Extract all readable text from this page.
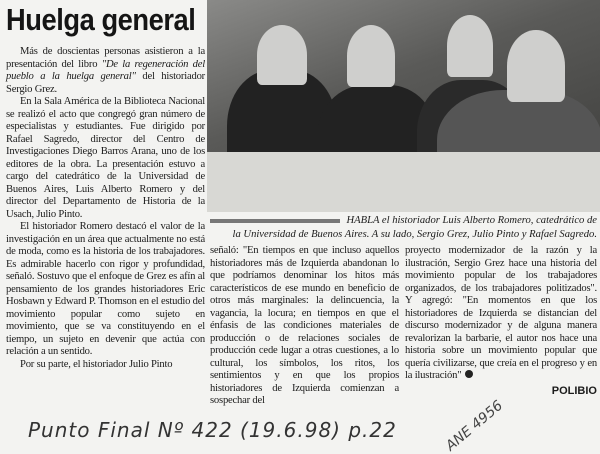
Huelga general
HABLA el historiador Luis Alberto Romero, catedrático de la Universidad de Buenos Aires. A su lado, Sergio Grez, Julio Pinto y Rafael Sagredo.

Más de doscientas personas asistieron a la presentación del libro "De la regeneración del pueblo a la huelga general" del historiador Sergio Grez.

En la Sala América de la Biblioteca Nacional se realizó el acto que congregó gran número de especialistas y estudiantes. Fue dirigido por Rafael Sagredo, director del Centro de Investigaciones Diego Barros Arana, uno de los editores de la obra. La presentación estuvo a cargo del catedrático de la Universidad de Buenos Aires, Luis Alberto Romero y del director del Departamento de Historia de la Usach, Julio Pinto.

El historiador Romero destacó el valor de la investigación en un área que actualmente no está de moda, como es la historia de los trabajadores. Es admirable hacerlo con rigor y profundidad, señaló. Sostuvo que el enfoque de Grez es afín al pensamiento de los grandes historiadores Eric Hosbawn y Edward P. Thomson en el estudio del movimiento popular como sujeto en movimiento, que se va constituyendo en el tiempo, un sujeto en devenir que actúa con relación a un sentido.

Por su parte, el historiador Julio Pinto

señaló: "En tiempos en que incluso aquellos historiadores más de Izquierda abandonan lo que podríamos denominar los hitos más característicos de ese mundo en beneficio de otros más marginales: la delincuencia, la vagancia, la locura; en tiempos en que el énfasis de las condiciones materiales de producción o de relaciones sociales de producción cede lugar a otras cuestiones, a lo cultural, los símbolos, los ritos, los sentimientos y en que los propios historiadores de Izquierda comienzan a sospechar del

proyecto modernizador de la razón y la ilustración, Sergio Grez hace una historia del movimiento popular de los trabajadores organizados, de los trabajadores politizados". Y agregó: "En momentos en que los historiadores de Izquierda se distancian del discurso modernizador y de alguna manera revalorizan la barbarie, el autor nos hace una historia sobre un movimiento popular que quería civilizarse, que creía en el progreso y en la ilustración"

POLIBIO
Punto Final Nº 422 (19.6.98) p.22	ANE 4956
